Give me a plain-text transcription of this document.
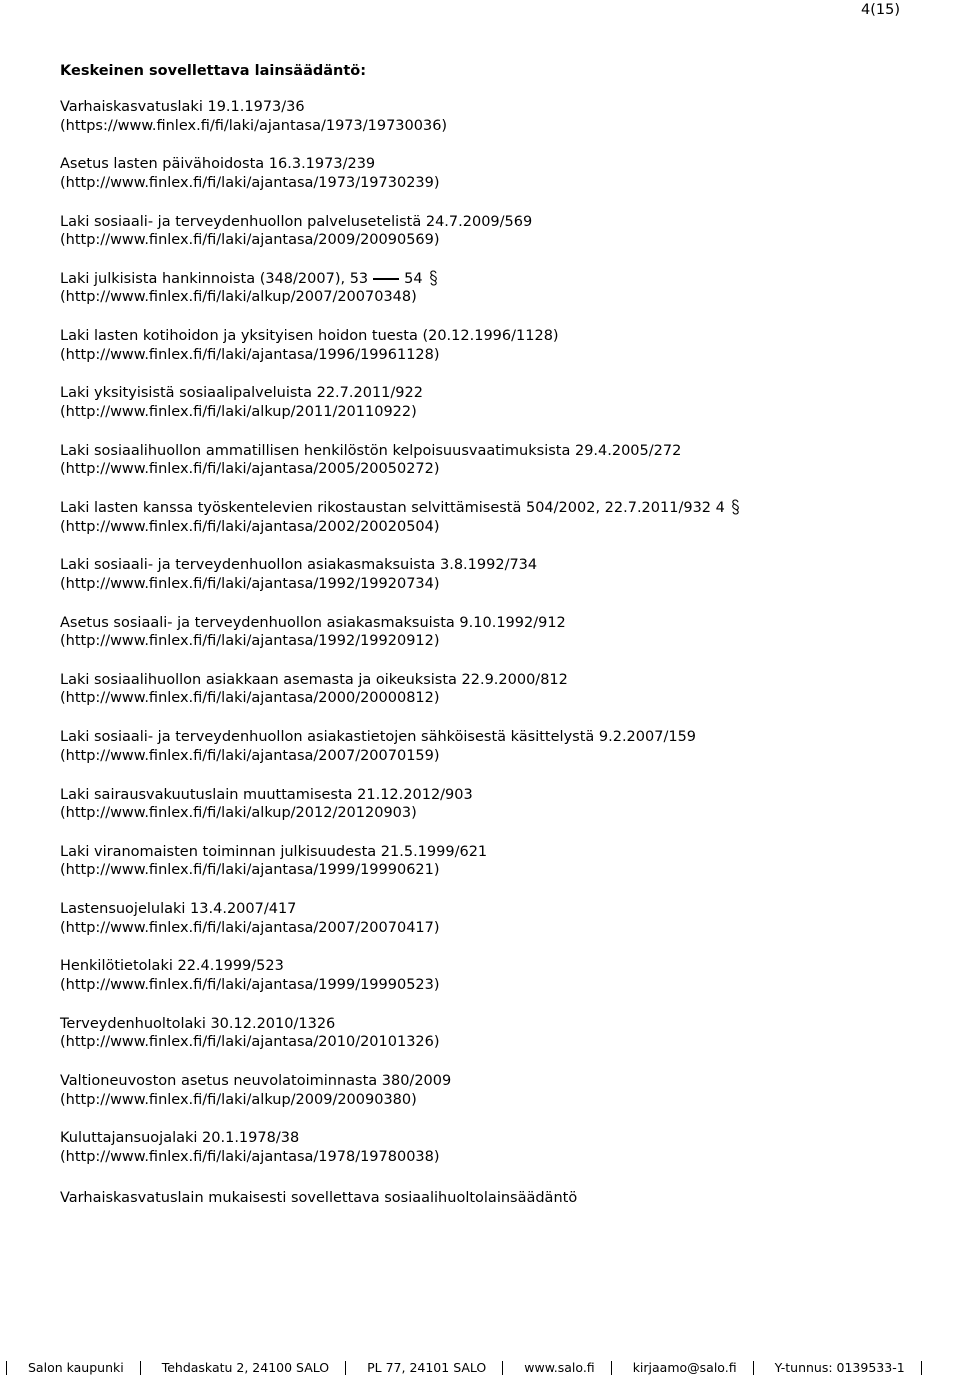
4(15)
Keskeinen sovellettava lainsäädäntö:
Varhaiskasvatuslaki 19.1.1973/36
(https://www.finlex.fi/fi/laki/ajantasa/1973/19730036)
Asetus lasten päivähoidosta 16.3.1973/239
(http://www.finlex.fi/fi/laki/ajantasa/1973/19730239)
Laki sosiaali- ja terveydenhuollon palvelusetelistä 24.7.2009/569
(http://www.finlex.fi/fi/laki/ajantasa/2009/20090569)
Laki julkisista hankinnoista (348/2007), 53 54
(http://www.finlex.fi/fi/laki/alkup/2007/20070348)
Laki lasten kotihoidon ja yksityisen hoidon tuesta (20.12.1996/1128)
(http://www.finlex.fi/fi/laki/ajantasa/1996/19961128)
Laki yksityisistä sosiaalipalveluista 22.7.2011/922
(http://www.finlex.fi/fi/laki/alkup/2011/20110922)
Laki sosiaalihuollon ammatillisen henkilöstön kelpoisuusvaatimuksista 29.4.2005/272
(http://www.finlex.fi/fi/laki/ajantasa/2005/20050272)
Laki lasten kanssa työskentelevien rikostaustan selvittämisestä 504/2002, 22.7.2011/932 4
(http://www.finlex.fi/fi/laki/ajantasa/2002/20020504)
Laki sosiaali- ja terveydenhuollon asiakasmaksuista 3.8.1992/734
(http://www.finlex.fi/fi/laki/ajantasa/1992/19920734)
Asetus sosiaali- ja terveydenhuollon asiakasmaksuista 9.10.1992/912
(http://www.finlex.fi/fi/laki/ajantasa/1992/19920912)
Laki sosiaalihuollon asiakkaan asemasta ja oikeuksista 22.9.2000/812
(http://www.finlex.fi/fi/laki/ajantasa/2000/20000812)
Laki sosiaali- ja terveydenhuollon asiakastietojen sähköisestä käsittelystä 9.2.2007/159
(http://www.finlex.fi/fi/laki/ajantasa/2007/20070159)
Laki sairausvakuutuslain muuttamisesta 21.12.2012/903
(http://www.finlex.fi/fi/laki/alkup/2012/20120903)
Laki viranomaisten toiminnan julkisuudesta 21.5.1999/621
(http://www.finlex.fi/fi/laki/ajantasa/1999/19990621)
Lastensuojelulaki 13.4.2007/417
(http://www.finlex.fi/fi/laki/ajantasa/2007/20070417)
Henkilötietolaki 22.4.1999/523
(http://www.finlex.fi/fi/laki/ajantasa/1999/19990523)
Terveydenhuoltolaki 30.12.2010/1326
(http://www.finlex.fi/fi/laki/ajantasa/2010/20101326)
Valtioneuvoston asetus neuvolatoiminnasta 380/2009
(http://www.finlex.fi/fi/laki/alkup/2009/20090380)
Kuluttajansuojalaki 20.1.1978/38
(http://www.finlex.fi/fi/laki/ajantasa/1978/19780038)

Varhaiskasvatuslain mukaisesti sovellettava sosiaalihuoltolainsäädäntö

Salon kaupunki	Tehdaskatu 2, 24100 SALO	PL 77, 24101 SALO	www.salo.fi	kirjaamo@salo.fi	Y-tunnus: 0139533-1
